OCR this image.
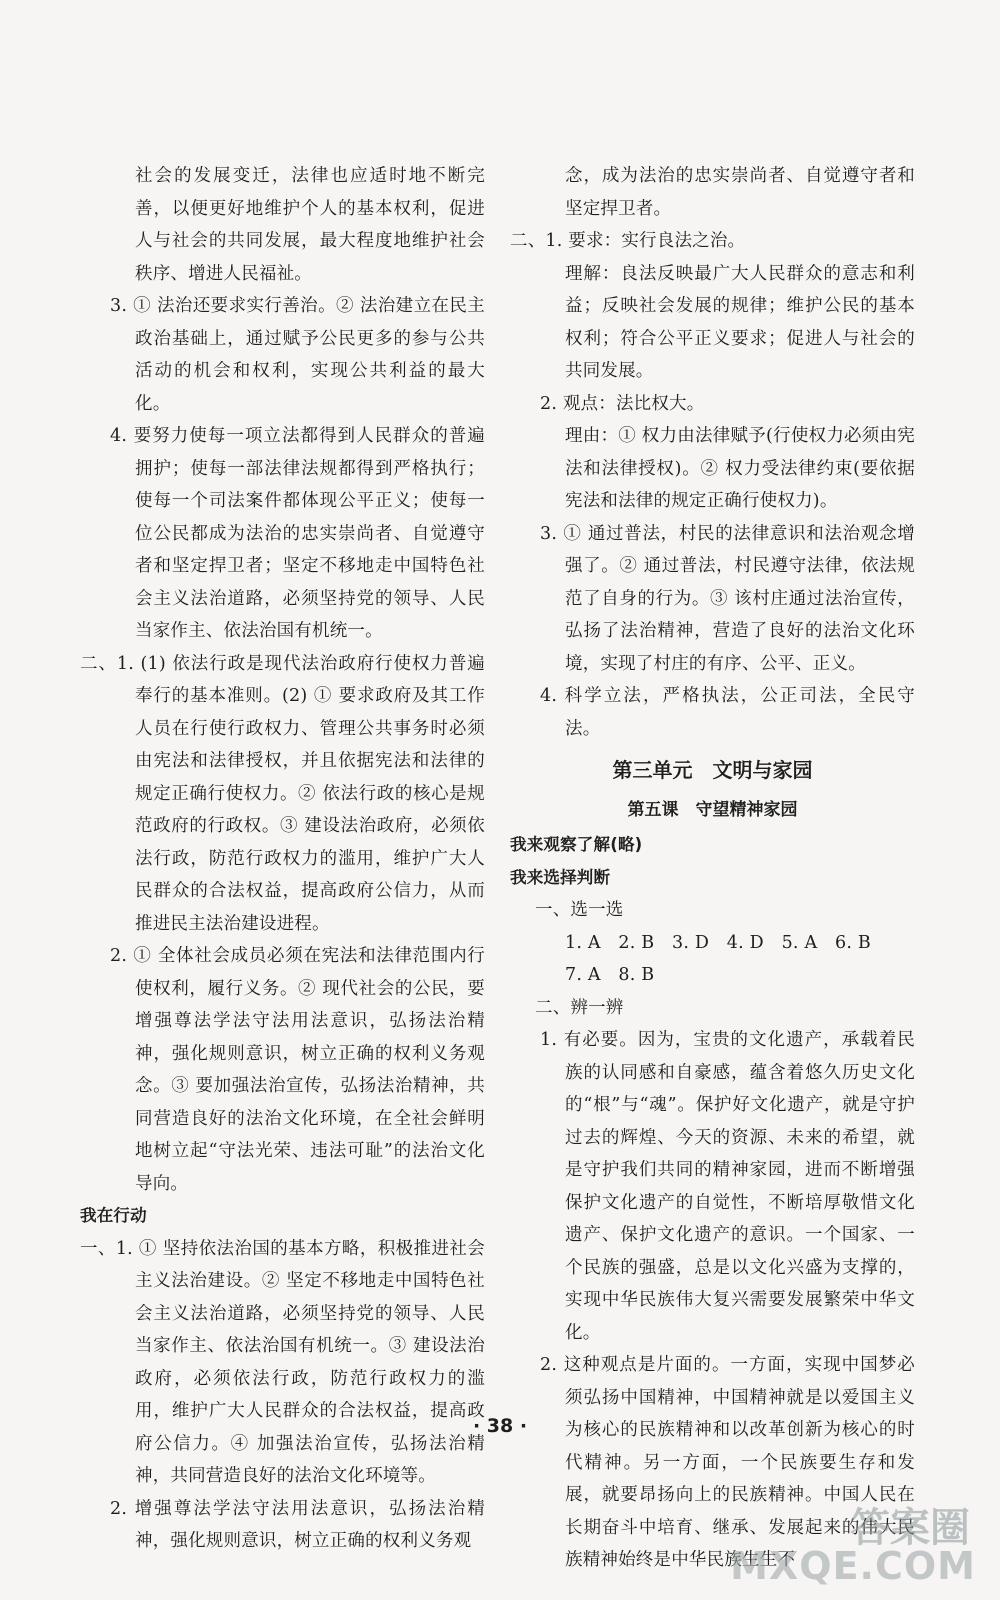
社会的发展变迁，法律也应适时地不断完善，以便更好地维护个人的基本权利，促进人与社会的共同发展，最大程度地维护社会秩序、增进人民福祉。
3. ① 法治还要求实行善治。② 法治建立在民主政治基础上，通过赋予公民更多的参与公共活动的机会和权利，实现公共利益的最大化。
4. 要努力使每一项立法都得到人民群众的普遍拥护；使每一部法律法规都得到严格执行；使每一个司法案件都体现公平正义；使每一位公民都成为法治的忠实崇尚者、自觉遵守者和坚定捍卫者；坚定不移地走中国特色社会主义法治道路，必须坚持党的领导、人民当家作主、依法治国有机统一。
二、1. (1) 依法行政是现代法治政府行使权力普遍奉行的基本准则。(2) ① 要求政府及其工作人员在行使行政权力、管理公共事务时必须由宪法和法律授权，并且依据宪法和法律的规定正确行使权力。② 依法行政的核心是规范政府的行政权。③ 建设法治政府，必须依法行政，防范行政权力的滥用，维护广大人民群众的合法权益，提高政府公信力，从而推进民主法治建设进程。
2. ① 全体社会成员必须在宪法和法律范围内行使权利，履行义务。② 现代社会的公民，要增强尊法学法守法用法意识，弘扬法治精神，强化规则意识，树立正确的权利义务观念。③ 要加强法治宣传，弘扬法治精神，共同营造良好的法治文化环境，在全社会鲜明地树立起“守法光荣、违法可耻”的法治文化导向。
我在行动
一、1. ① 坚持依法治国的基本方略，积极推进社会主义法治建设。② 坚定不移地走中国特色社会主义法治道路，必须坚持党的领导、人民当家作主、依法治国有机统一。③ 建设法治政府，必须依法行政，防范行政权力的滥用，维护广大人民群众的合法权益，提高政府公信力。④ 加强法治宣传，弘扬法治精神，共同营造良好的法治文化环境等。
2. 增强尊法学法守法用法意识，弘扬法治精神，强化规则意识，树立正确的权利义务观
念，成为法治的忠实崇尚者、自觉遵守者和坚定捍卫者。
二、1. 要求：实行良法之治。
理解：良法反映最广大人民群众的意志和利益；反映社会发展的规律；维护公民的基本权利；符合公平正义要求；促进人与社会的共同发展。
2. 观点：法比权大。
理由：① 权力由法律赋予(行使权力必须由宪法和法律授权)。② 权力受法律约束(要依据宪法和法律的规定正确行使权力)。
3. ① 通过普法，村民的法律意识和法治观念增强了。② 通过普法，村民遵守法律，依法规范了自身的行为。③ 该村庄通过法治宣传，弘扬了法治精神，营造了良好的法治文化环境，实现了村庄的有序、公平、正义。
4. 科学立法，严格执法，公正司法，全民守法。
第三单元　文明与家园
第五课　守望精神家园
我来观察了解(略)
我来选择判断
一、选一选
1. A　2. B　3. D　4. D　5. A　6. B
7. A　8. B
二、辨一辨
1. 有必要。因为，宝贵的文化遗产，承载着民族的认同感和自豪感，蕴含着悠久历史文化的“根”与“魂”。保护好文化遗产，就是守护过去的辉煌、今天的资源、未来的希望，就是守护我们共同的精神家园，进而不断增强保护文化遗产的自觉性，不断培厚敬惜文化遗产、保护文化遗产的意识。一个国家、一个民族的强盛，总是以文化兴盛为支撑的，实现中华民族伟大复兴需要发展繁荣中华文化。
2. 这种观点是片面的。一方面，实现中国梦必须弘扬中国精神，中国精神就是以爱国主义为核心的民族精神和以改革创新为核心的时代精神。另一方面，一个民族要生存和发展，就要昂扬向上的民族精神。中国人民在长期奋斗中培育、继承、发展起来的伟大民族精神始终是中华民族生生不
· 38 ·
答案圈
MXQE.COM
